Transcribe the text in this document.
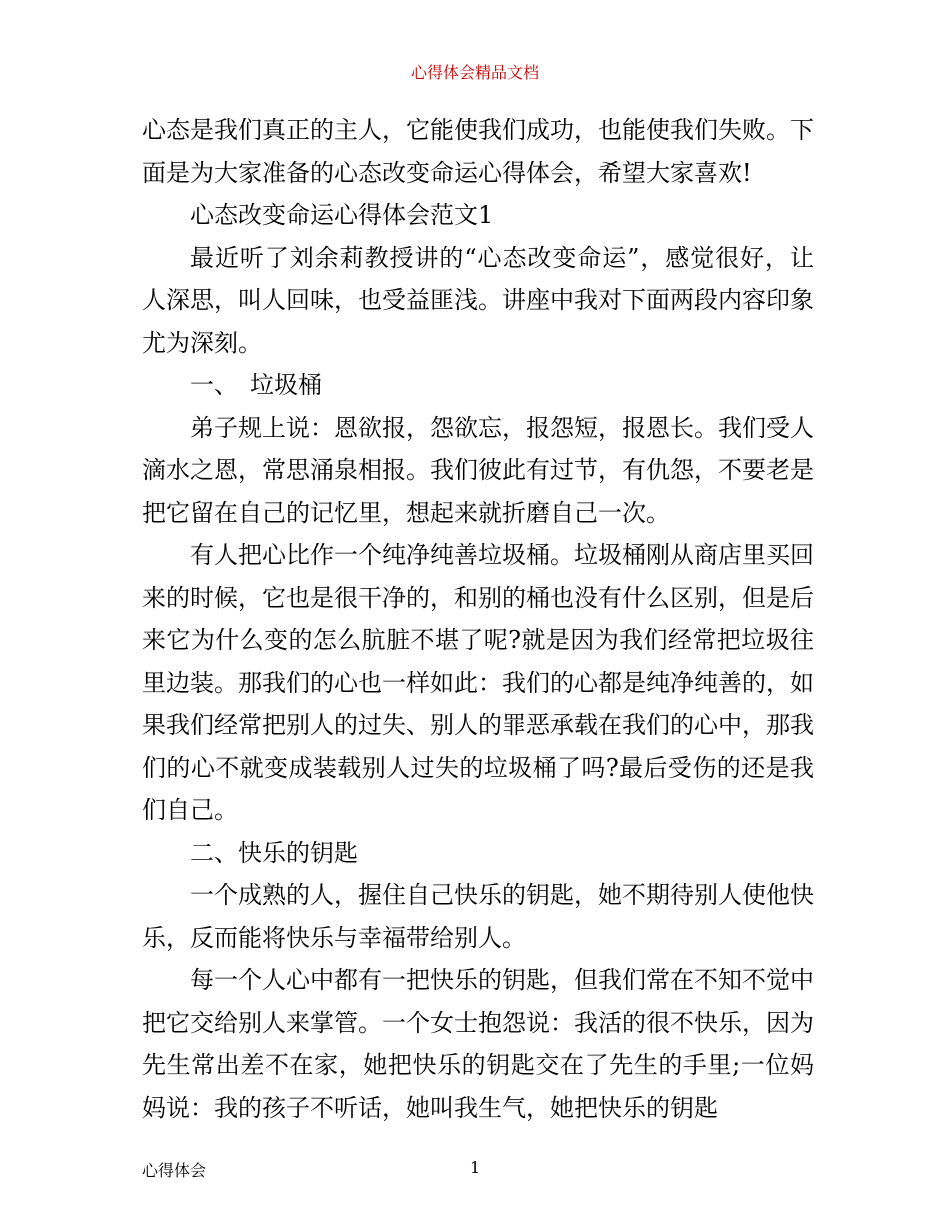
心得体会精品文档

心态是我们真正的主人，它能使我们成功，也能使我们失败。下面是为大家准备的心态改变命运心得体会，希望大家喜欢!

心态改变命运心得体会范文1

最近听了刘余莉教授讲的“心态改变命运”，感觉很好，让人深思，叫人回味，也受益匪浅。讲座中我对下面两段内容印象尤为深刻。

一、　垃圾桶

弟子规上说：恩欲报，怨欲忘，报怨短，报恩长。我们受人滴水之恩，常思涌泉相报。我们彼此有过节，有仇怨，不要老是把它留在自己的记忆里，想起来就折磨自己一次。

有人把心比作一个纯净纯善垃圾桶。垃圾桶刚从商店里买回来的时候，它也是很干净的，和别的桶也没有什么区别，但是后来它为什么变的怎么肮脏不堪了呢?就是因为我们经常把垃圾往里边装。那我们的心也一样如此：我们的心都是纯净纯善的，如果我们经常把别人的过失、别人的罪恶承载在我们的心中，那我们的心不就变成装载别人过失的垃圾桶了吗?最后受伤的还是我们自己。

二、快乐的钥匙

一个成熟的人，握住自己快乐的钥匙，她不期待别人使他快乐，反而能将快乐与幸福带给别人。

每一个人心中都有一把快乐的钥匙，但我们常在不知不觉中把它交给别人来掌管。一个女士抱怨说：我活的很不快乐，因为先生常出差不在家，她把快乐的钥匙交在了先生的手里;一位妈妈说：我的孩子不听话，她叫我生气，她把快乐的钥匙

心得体会	1
